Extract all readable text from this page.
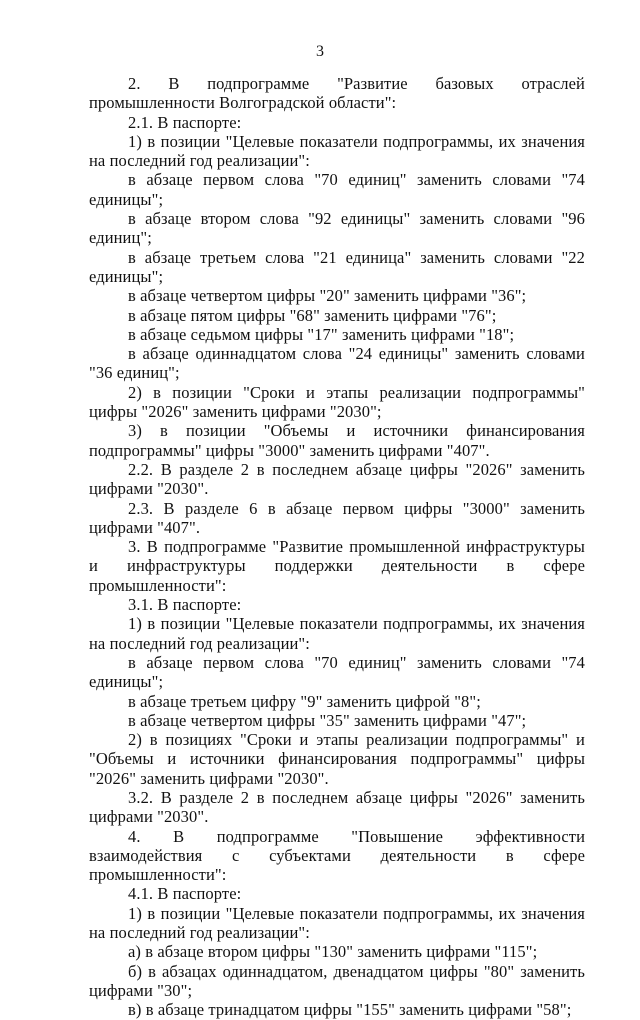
3

2. В подпрограмме "Развитие базовых отраслей промышленности Волгоградской области":

2.1. В паспорте:

1) в позиции "Целевые показатели подпрограммы, их значения на последний год реализации":

в абзаце первом слова "70 единиц" заменить словами "74 единицы";

в абзаце втором слова "92 единицы" заменить словами "96 единиц";

в абзаце третьем слова "21 единица" заменить словами "22 единицы";

в абзаце четвертом цифры "20" заменить цифрами "36";

в абзаце пятом цифры "68" заменить цифрами "76";

в абзаце седьмом цифры "17" заменить цифрами "18";

в абзаце одиннадцатом слова "24 единицы" заменить словами "36 единиц";

2) в позиции "Сроки и этапы реализации подпрограммы" цифры "2026" заменить цифрами "2030";

3) в позиции "Объемы и источники финансирования подпрограммы" цифры "3000" заменить цифрами "407".

2.2. В разделе 2 в последнем абзаце цифры "2026" заменить цифрами "2030".

2.3. В разделе 6 в абзаце первом цифры "3000" заменить цифрами "407".

3. В подпрограмме "Развитие промышленной инфраструктуры и инфраструктуры поддержки деятельности в сфере промышленности":

3.1. В паспорте:

1) в позиции "Целевые показатели подпрограммы, их значения на последний год реализации":

в абзаце первом слова "70 единиц" заменить словами "74 единицы";

в абзаце третьем цифру "9" заменить цифрой "8";

в абзаце четвертом цифры "35" заменить цифрами "47";

2) в позициях "Сроки и этапы реализации подпрограммы" и "Объемы и источники финансирования подпрограммы" цифры "2026" заменить цифрами "2030".

3.2. В разделе 2 в последнем абзаце цифры "2026" заменить цифрами "2030".

4. В подпрограмме "Повышение эффективности взаимодействия с субъектами деятельности в сфере промышленности":

4.1. В паспорте:

1) в позиции "Целевые показатели подпрограммы, их значения на последний год реализации":

а) в абзаце втором цифры "130" заменить цифрами "115";

б) в абзацах одиннадцатом, двенадцатом цифры "80" заменить цифрами "30";

в) в абзаце тринадцатом цифры "155" заменить цифрами "58";
